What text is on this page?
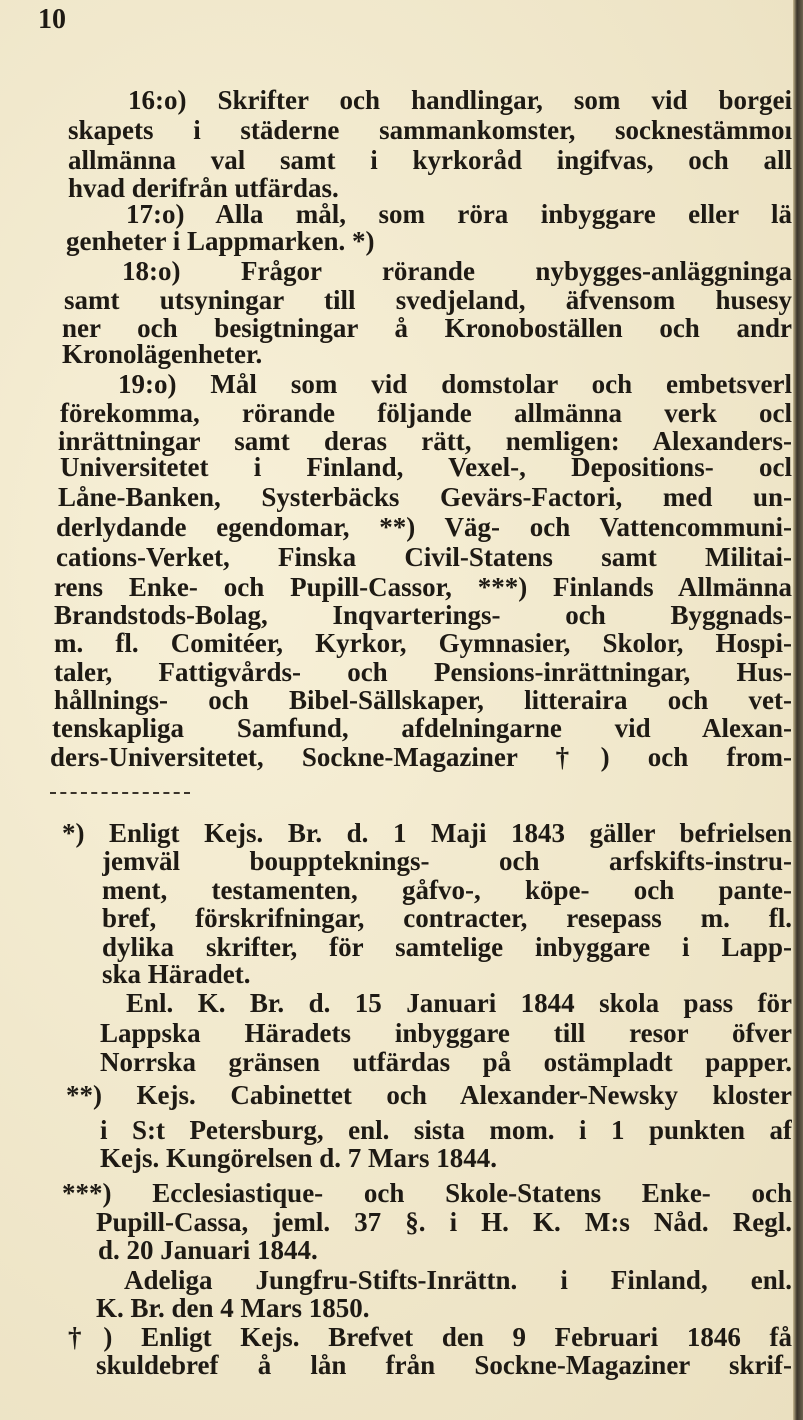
10
16:o) Skrifter och handlingar, som vid borgei
skapets i städerne sammankomster, socknestämmoı
allmänna val samt i kyrkoråd ingifvas, och all
hvad derifrån utfärdas.
17:o) Alla mål, som röra inbyggare eller lä
genheter i Lappmarken. *)
18:o) Frågor rörande nybygges-anläggninga
samt utsyningar till svedjeland, äfvensom husesy
ner och besigtningar å Kronoboställen och andr
Kronolägenheter.
19:o) Mål som vid domstolar och embetsverl
förekomma, rörande följande allmänna verk ocl
inrättningar samt deras rätt, nemligen: Alexanders-
Universitetet i Finland, Vexel-, Depositions- ocl
Låne-Banken, Systerbäcks Gevärs-Factori, med un-
derlydande egendomar, **) Väg- och Vattencommuni-
cations-Verket, Finska Civil-Statens samt Militai-
rens Enke- och Pupill-Cassor, ***) Finlands Allmänna
Brandstods-Bolag, Inqvarterings- och Byggnads-
m. fl. Comitéer, Kyrkor, Gymnasier, Skolor, Hospi-
taler, Fattigvårds- och Pensions-inrättningar, Hus-
hållnings- och Bibel-Sällskaper, litteraira och vet-
tenskapliga Samfund, afdelningarne vid Alexan-
ders-Universitetet, Sockne-Magaziner †) och from-
*) Enligt Kejs. Br. d. 1 Maji 1843 gäller befrielsen
jemväl bouppteknings- och arfskifts-instru-
ment, testamenten, gåfvo-, köpe- och pante-
bref, förskrifningar, contracter, resepass m. fl.
dylika skrifter, för samtelige inbyggare i Lapp-
ska Häradet.
Enl. K. Br. d. 15 Januari 1844 skola pass för
Lappska Häradets inbyggare till resor öfver
Norrska gränsen utfärdas på ostämpladt papper.
**) Kejs. Cabinettet och Alexander-Newsky kloster
i S:t Petersburg, enl. sista mom. i 1 punkten af
Kejs. Kungörelsen d. 7 Mars 1844.
***) Ecclesiastique- och Skole-Statens Enke- och
Pupill-Cassa, jeml. 37 §. i H. K. M:s Nåd. Regl.
d. 20 Januari 1844.
Adeliga Jungfru-Stifts-Inrättn. i Finland, enl.
K. Br. den 4 Mars 1850.
†) Enligt Kejs. Brefvet den 9 Februari 1846 få
skuldebref å lån från Sockne-Magaziner skrif-
